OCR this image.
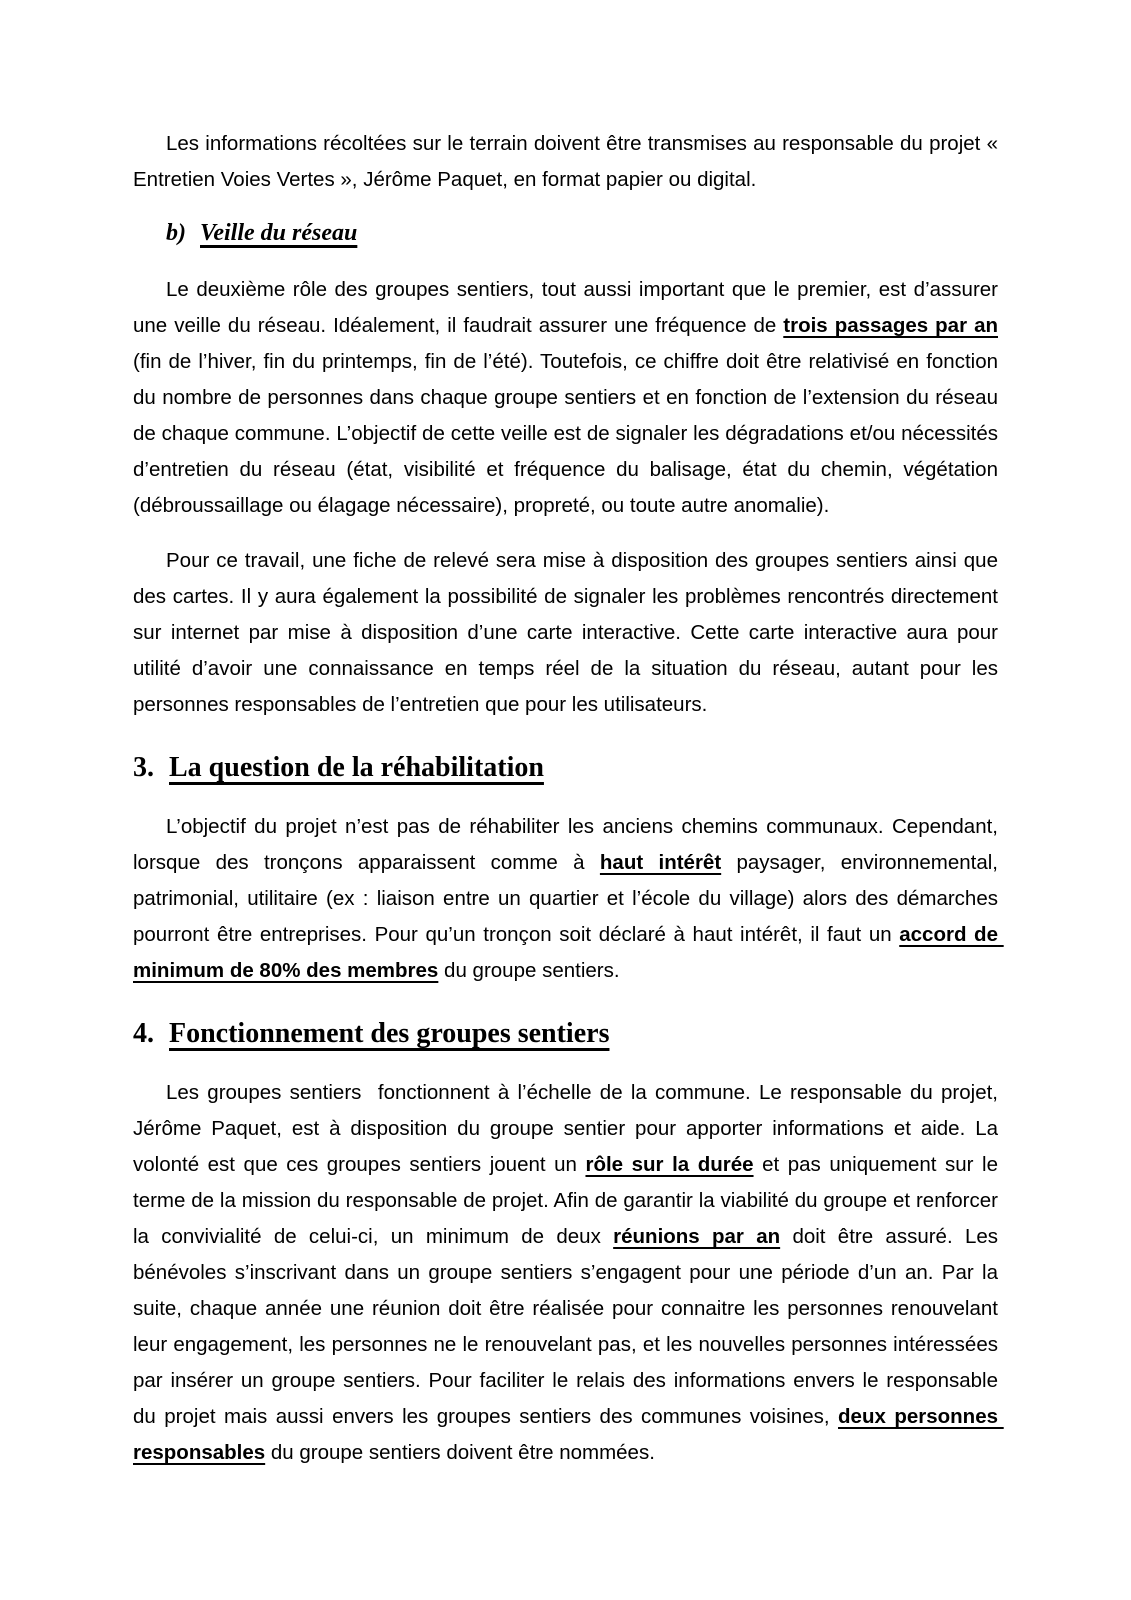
Les informations récoltées sur le terrain doivent être transmises au responsable du projet « Entretien Voies Vertes », Jérôme Paquet, en format papier ou digital.

b) Veille du réseau

Le deuxième rôle des groupes sentiers, tout aussi important que le premier, est d’assurer une veille du réseau. Idéalement, il faudrait assurer une fréquence de trois passages par an (fin de l’hiver, fin du printemps, fin de l’été). Toutefois, ce chiffre doit être relativisé en fonction du nombre de personnes dans chaque groupe sentiers et en fonction de l’extension du réseau de chaque commune. L’objectif de cette veille est de signaler les dégradations et/ou nécessités d’entretien du réseau (état, visibilité et fréquence du balisage, état du chemin, végétation (débroussaillage ou élagage nécessaire), propreté, ou toute autre anomalie).

Pour ce travail, une fiche de relevé sera mise à disposition des groupes sentiers ainsi que des cartes. Il y aura également la possibilité de signaler les problèmes rencontrés directement sur internet par mise à disposition d’une carte interactive. Cette carte interactive aura pour utilité d’avoir une connaissance en temps réel de la situation du réseau, autant pour les personnes responsables de l’entretien que pour les utilisateurs.

3. La question de la réhabilitation

L’objectif du projet n’est pas de réhabiliter les anciens chemins communaux. Cependant, lorsque des tronçons apparaissent comme à haut intérêt paysager, environnemental, patrimonial, utilitaire (ex : liaison entre un quartier et l’école du village) alors des démarches pourront être entreprises. Pour qu’un tronçon soit déclaré à haut intérêt, il faut un accord de minimum de 80% des membres du groupe sentiers.

4. Fonctionnement des groupes sentiers

Les groupes sentiers  fonctionnent à l’échelle de la commune. Le responsable du projet, Jérôme Paquet, est à disposition du groupe sentier pour apporter informations et aide. La volonté est que ces groupes sentiers jouent un rôle sur la durée et pas uniquement sur le terme de la mission du responsable de projet. Afin de garantir la viabilité du groupe et renforcer la convivialité de celui-ci, un minimum de deux réunions par an doit être assuré. Les bénévoles s’inscrivant dans un groupe sentiers s’engagent pour une période d’un an. Par la suite, chaque année une réunion doit être réalisée pour connaitre les personnes renouvelant leur engagement, les personnes ne le renouvelant pas, et les nouvelles personnes intéressées par insérer un groupe sentiers. Pour faciliter le relais des informations envers le responsable du projet mais aussi envers les groupes sentiers des communes voisines, deux personnes responsables du groupe sentiers doivent être nommées.
